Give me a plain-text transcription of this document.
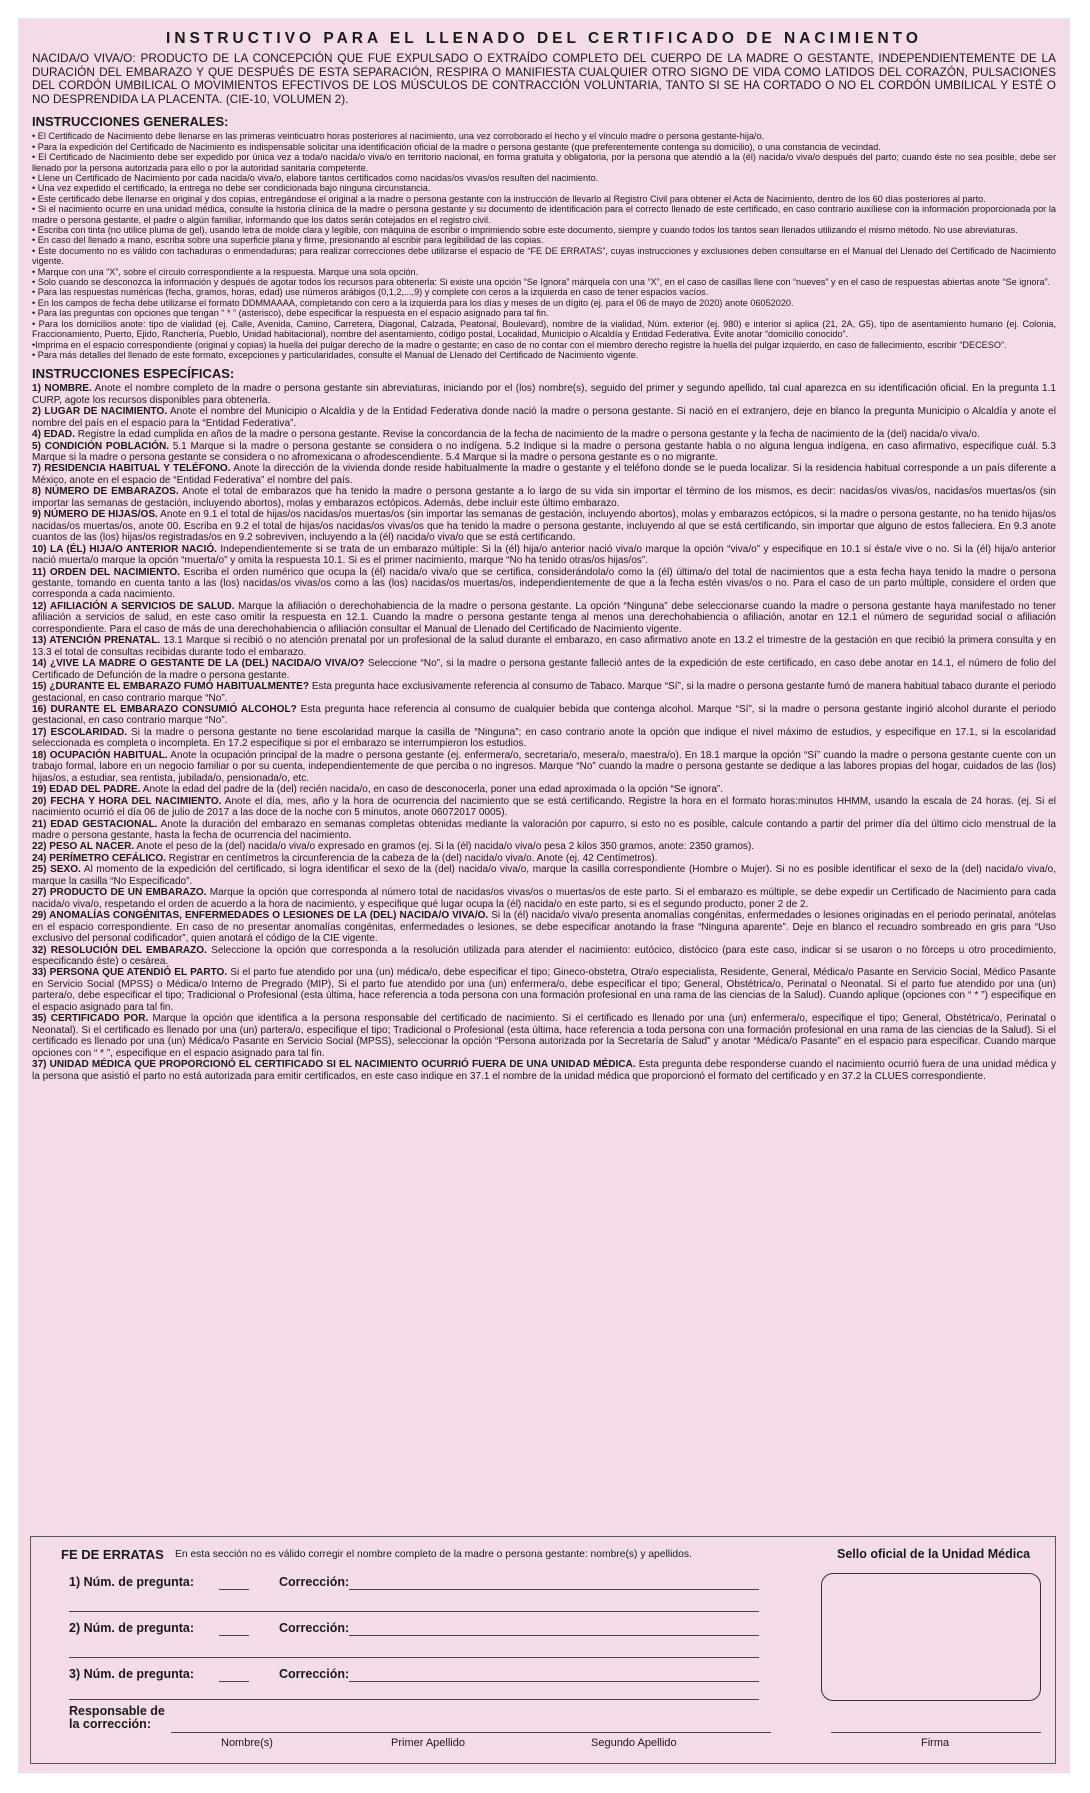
INSTRUCTIVO PARA EL LLENADO DEL CERTIFICADO DE NACIMIENTO

NACIDA/O VIVA/O: PRODUCTO DE LA CONCEPCIÓN QUE FUE EXPULSADO O EXTRAÍDO COMPLETO DEL CUERPO DE LA MADRE O GESTANTE, INDEPENDIENTEMENTE DE LA DURACIÓN DEL EMBARAZO Y QUE DESPUÉS DE ESTA SEPARACIÓN, RESPIRA O MANIFIESTA CUALQUIER OTRO SIGNO DE VIDA COMO LATIDOS DEL CORAZÓN, PULSACIONES DEL CORDÓN UMBILICAL O MOVIMIENTOS EFECTIVOS DE LOS MÚSCULOS DE CONTRACCIÓN VOLUNTARIA, TANTO SI SE HA CORTADO O NO EL CORDÓN UMBILICAL Y ESTÉ O NO DESPRENDIDA LA PLACENTA. (CIE-10, VOLUMEN 2).

INSTRUCCIONES GENERALES:

• El Certificado de Nacimiento debe llenarse en las primeras veinticuatro horas posteriores al nacimiento, una vez corroborado el hecho y el vínculo madre o persona gestante-hija/o.

• Para la expedición del Certificado de Nacimiento es indispensable solicitar una identificación oficial de la madre o persona gestante (que preferentemente contenga su domicilio), o una constancia de vecindad.

• El Certificado de Nacimiento debe ser expedido por única vez a toda/o nacida/o viva/o en territorio nacional, en forma gratuita y obligatoria, por la persona que atendió a la (él) nacida/o viva/o después del parto; cuando éste no sea posible, debe ser llenado por la persona autorizada para ello o por la autoridad sanitaria competente.

• Llene un Certificado de Nacimiento por cada nacida/o viva/o, elabore tantos certificados como nacidas/os vivas/os resulten del nacimiento.

• Una vez expedido el certificado, la entrega no debe ser condicionada bajo ninguna circunstancia.

• Este certificado debe llenarse en original y dos copias, entregándose el original a la madre o persona gestante con la instrucción de llevarlo al Registro Civil para obtener el Acta de Nacimiento, dentro de los 60 días posteriores al parto.

• Si el nacimiento ocurre en una unidad médica, consulte la historia clínica de la madre o persona gestante y su documento de identificación para el correcto llenado de este certificado, en caso contrario auxíliese con la información proporcionada por la madre o persona gestante, el padre o algún familiar, informando que los datos serán cotejados en el registro civil.

• Escriba con tinta (no utilice pluma de gel), usando letra de molde clara y legible, con máquina de escribir o imprimiendo sobre este documento, siempre y cuando todos los tantos sean llenados utilizando el mismo método. No use abreviaturas.

• En caso del llenado a mano, escriba sobre una superficie plana y firme, presionando al escribir para legibilidad de las copias.

• Este documento no es válido con tachaduras o enmendaduras; para realizar correcciones debe utilizarse el espacio de “FE DE ERRATAS”, cuyas instrucciones y exclusiones deben consultarse en el Manual del Llenado del Certificado de Nacimiento vigente.

• Marque con una “X”, sobre el círculo correspondiente a la respuesta. Marque una sola opción.

• Solo cuando se desconozca la información y después de agotar todos los recursos para obtenerla: Si existe una opción “Se Ignora” márquela con una “X”, en el caso de casillas llene con “nueves” y en el caso de respuestas abiertas anote “Se ignora”.

• Para las respuestas numéricas (fecha, gramos, horas, edad) use números arábigos (0,1,2,...,9) y complete con ceros a la izquierda en caso de tener espacios vacíos.

• En los campos de fecha debe utilizarse el formato DDMMAAAA, completando con cero a la izquierda para los días y meses de un dígito (ej. para el 06 de mayo de 2020) anote 06052020.

• Para las preguntas con opciones que tengan “ * ” (asterisco), debe especificar la respuesta en el espacio asignado para tal fin.

• Para los domicilios anote: tipo de vialidad (ej. Calle, Avenida, Camino, Carretera, Diagonal, Calzada, Peatonal, Boulevard), nombre de la vialidad, Núm. exterior (ej. 980) e interior si aplica (21, 2A, G5), tipo de asentamiento humano (ej. Colonia, Fraccionamiento, Puerto, Ejido, Ranchería, Pueblo, Unidad habitacional), nombre del asentamiento, código postal, Localidad, Municipio o Alcaldía y Entidad Federativa. Evite anotar “domicilio conocido”.

•Imprima en el espacio correspondiente (original y copias) la huella del pulgar derecho de la madre o gestante; en caso de no contar con el miembro derecho registre la huella del pulgar izquierdo, en caso de fallecimiento, escribir “DECESO”.

• Para más detalles del llenado de este formato, excepciones y particularidades, consulte el Manual de Llenado del Certificado de Nacimiento vigente.

INSTRUCCIONES ESPECÍFICAS:

1) NOMBRE. Anote el nombre completo de la madre o persona gestante sin abreviaturas, iniciando por el (los) nombre(s), seguido del primer y segundo apellido, tal cual aparezca en su identificación oficial. En la pregunta 1.1 CURP, agote los recursos disponibles para obtenerla.

2) LUGAR DE NACIMIENTO. Anote el nombre del Municipio o Alcaldía y de la Entidad Federativa donde nació la madre o persona gestante. Si nació en el extranjero, deje en blanco la pregunta Municipio o Alcaldía y anote el nombre del país en el espacio para la “Entidad Federativa”.

4) EDAD. Registre la edad cumplida en años de la madre o persona gestante. Revise la concordancia de la fecha de nacimiento de la madre o persona gestante y la fecha de nacimiento de la (del) nacida/o viva/o.

5) CONDICIÓN POBLACIÓN. 5.1 Marque si la madre o persona gestante se considera o no indígena. 5.2 Indique si la madre o persona gestante habla o no alguna lengua indígena, en caso afirmativo, especifique cuál. 5.3 Marque si la madre o persona gestante se considera o no afromexicana o afrodescendiente. 5.4 Marque si la madre o persona gestante es o no migrante.

7) RESIDENCIA HABITUAL Y TELÉFONO. Anote la dirección de la vivienda donde reside habitualmente la madre o gestante y el teléfono donde se le pueda localizar. Si la residencia habitual corresponde a un país diferente a México, anote en el espacio de “Entidad Federativa” el nombre del país.

8) NÚMERO DE EMBARAZOS. Anote el total de embarazos que ha tenido la madre o persona gestante a lo largo de su vida sin importar el término de los mismos, es decir: nacidas/os vivas/os, nacidas/os muertas/os (sin importar las semanas de gestación, incluyendo abortos), molas y embarazos ectópicos. Además, debe incluir este último embarazo.

9) NÚMERO DE HIJAS/OS. Anote en 9.1 el total de hijas/os nacidas/os muertas/os (sin importar las semanas de gestación, incluyendo abortos), molas y embarazos ectópicos, si la madre o persona gestante, no ha tenido hijas/os nacidas/os muertas/os, anote 00. Escriba en 9.2 el total de hijas/os nacidas/os vivas/os que ha tenido la madre o persona gestante, incluyendo al que se está certificando, sin importar que alguno de estos falleciera. En 9.3 anote cuantos de las (los) hijas/os registradas/os en 9.2 sobreviven, incluyendo a la (él) nacida/o viva/o que se está certificando.

10) LA (ÉL) HIJA/O ANTERIOR NACIÓ. Independientemente si se trata de un embarazo múltiple: Si la (él) hija/o anterior nació viva/o marque la opción “viva/o” y especifique en 10.1 si ésta/e vive o no. Si la (él) hija/o anterior nació muerta/o marque la opción “muerta/o” y omita la respuesta 10.1. Si es el primer nacimiento, marque “No ha tenido otras/os hijas/os”.

11) ORDEN DEL NACIMIENTO. Escriba el orden numérico que ocupa la (él) nacida/o viva/o que se certifica, considerándola/o como la (él) última/o del total de nacimientos que a esta fecha haya tenido la madre o persona gestante, tomando en cuenta tanto a las (los) nacidas/os vivas/os como a las (los) nacidas/os muertas/os, independientemente de que a la fecha estén vivas/os o no. Para el caso de un parto múltiple, considere el orden que corresponda a cada nacimiento.

12) AFILIACIÓN A SERVICIOS DE SALUD. Marque la afiliación o derechohabiencia de la madre o persona gestante. La opción “Ninguna” debe seleccionarse cuando la madre o persona gestante haya manifestado no tener afiliación a servicios de salud, en este caso omitir la respuesta en 12.1. Cuando la madre o persona gestante tenga al menos una derechohabiencia o afiliación, anotar en 12.1 el número de seguridad social o afiliación correspondiente. Para el caso de más de una derechohabiencia o afiliación consultar el Manual de Llenado del Certificado de Nacimiento vigente.

13) ATENCIÓN PRENATAL. 13.1 Marque si recibió o no atención prenatal por un profesional de la salud durante el embarazo, en caso afirmativo anote en 13.2 el trimestre de la gestación en que recibió la primera consulta y en 13.3 el total de consultas recibidas durante todo el embarazo.

14) ¿VIVE LA MADRE O GESTANTE DE LA (DEL) NACIDA/O VIVA/O? Seleccione “No”, si la madre o persona gestante falleció antes de la expedición de este certificado, en caso debe anotar en 14.1, el número de folio del Certificado de Defunción de la madre o persona gestante.

15) ¿DURANTE EL EMBARAZO FUMÓ HABITUALMENTE? Esta pregunta hace exclusivamente referencia al consumo de Tabaco. Marque “Sí”, si la madre o persona gestante fumó de manera habitual tabaco durante el periodo gestacional, en caso contrario marque “No”.

16) DURANTE EL EMBARAZO CONSUMIÓ ALCOHOL? Esta pregunta hace referencia al consumo de cualquier bebida que contenga alcohol. Marque “Sí”, si la madre o persona gestante ingirió alcohol durante el periodo gestacional, en caso contrario marque “No”.

17) ESCOLARIDAD. Si la madre o persona gestante no tiene escolaridad marque la casilla de “Ninguna”; en caso contrario anote la opción que indique el nivel máximo de estudios, y especifique en 17.1, si la escolaridad seleccionada es completa o incompleta. En 17.2 especifique si por el embarazo se interrumpieron los estudios.

18) OCUPACIÓN HABITUAL. Anote la ocupación principal de la madre o persona gestante (ej. enfermera/o, secretaria/o, mesera/o, maestra/o). En 18.1 marque la opción “Sí” cuando la madre o persona gestante cuente con un trabajo formal, labore en un negocio familiar o por su cuenta, independientemente de que perciba o no ingresos. Marque “No” cuando la madre o persona gestante se dedique a las labores propias del hogar, cuidados de las (los) hijas/os, a estudiar, sea rentista, jubilada/o, pensionada/o, etc.

19) EDAD DEL PADRE. Anote la edad del padre de la (del) recién nacida/o, en caso de desconocerla, poner una edad aproximada o la opción “Se ignora”.

20) FECHA Y HORA DEL NACIMIENTO. Anote el día, mes, año y la hora de ocurrencia del nacimiento que se está certificando. Registre la hora en el formato horas:minutos HHMM, usando la escala de 24 horas. (ej. Si el nacimiento ocurrió el día 06 de julio de 2017 a las doce de la noche con 5 minutos, anote 06072017 0005).

21) EDAD GESTACIONAL. Anote la duración del embarazo en semanas completas obtenidas mediante la valoración por capurro, si esto no es posible, calcule contando a partir del primer día del último ciclo menstrual de la madre o persona gestante, hasta la fecha de ocurrencia del nacimiento.

22) PESO AL NACER. Anote el peso de la (del) nacida/o viva/o expresado en gramos (ej. Si la (él) nacida/o viva/o pesa 2 kilos 350 gramos, anote: 2350 gramos).

24) PERÍMETRO CEFÁLICO. Registrar en centímetros la circunferencia de la cabeza de la (del) nacida/o viva/o. Anote (ej. 42 Centímetros).

25) SEXO. Al momento de la expedición del certificado, si logra identificar el sexo de la (del) nacida/o viva/o, marque la casilla correspondiente (Hombre o Mujer). Si no es posible identificar el sexo de la (del) nacida/o viva/o, marque la casilla “No Especificado”.

27) PRODUCTO DE UN EMBARAZO. Marque la opción que corresponda al número total de nacidas/os vivas/os o muertas/os de este parto. Si el embarazo es múltiple, se debe expedir un Certificado de Nacimiento para cada nacida/o viva/o, respetando el orden de acuerdo a la hora de nacimiento, y especifique qué lugar ocupa la (él) nacida/o en este parto, si es el segundo producto, poner 2 de 2.

29) ANOMALÍAS CONGÉNITAS, ENFERMEDADES O LESIONES DE LA (DEL) NACIDA/O VIVA/O. Si la (él) nacida/o viva/o presenta anomalías congénitas, enfermedades o lesiones originadas en el periodo perinatal, anótelas en el espacio correspondiente. En caso de no presentar anomalías congénitas, enfermedades o lesiones, se debe especificar anotando la frase “Ninguna aparente”. Deje en blanco el recuadro sombreado en gris para “Uso exclusivo del personal codificador”, quien anotará el código de la CIE vigente.

32) RESOLUCIÓN DEL EMBARAZO. Seleccione la opción que corresponda a la resolución utilizada para atender el nacimiento: eutócico, distócico (para este caso, indicar si se usaron o no fórceps u otro procedimiento, especificando éste) o cesárea.

33) PERSONA QUE ATENDIÓ EL PARTO. Si el parto fue atendido por una (un) médica/o, debe especificar el tipo; Gineco-obstetra, Otra/o especialista, Residente, General, Médica/o Pasante en Servicio Social, Médico Pasante en Servicio Social (MPSS) o Médica/o Interno de Pregrado (MIP), Si el parto fue atendido por una (un) enfermera/o, debe especificar el tipo; General, Obstétrica/o, Perinatal o Neonatal. Si el parto fue atendido por una (un) partera/o, debe especificar el tipo; Tradicional o Profesional (esta última, hace referencia a toda persona con una formación profesional en una rama de las ciencias de la Salud). Cuando aplique (opciones con “ * ”) especifique en el espacio asignado para tal fin.

35) CERTIFICADO POR. Marque la opción que identifica a la persona responsable del certificado de nacimiento. Si el certificado es llenado por una (un) enfermera/o, especifique el tipo; General, Obstétrica/o, Perinatal o Neonatal). Si el certificado es llenado por una (un) partera/o, especifique el tipo; Tradicional o Profesional (esta última, hace referencia a toda persona con una formación profesional en una rama de las ciencias de la Salud). Si el certificado es llenado por una (un) Médica/o Pasante en Servicio Social (MPSS), seleccionar la opción “Persona autorizada por la Secretaría de Salud” y anotar “Médica/o Pasante” en el espacio para especificar. Cuando marque opciones con “ * ”, especifique en el espacio asignado para tal fin.

37) UNIDAD MÉDICA QUE PROPORCIONÓ EL CERTIFICADO SI EL NACIMIENTO OCURRIÓ FUERA DE UNA UNIDAD MÉDICA. Esta pregunta debe responderse cuando el nacimiento ocurrió fuera de una unidad médica y la persona que asistió el parto no está autorizada para emitir certificados, en este caso indique en 37.1 el nombre de la unidad médica que proporcionó el formato del certificado y en 37.2 la CLUES correspondiente.

FE DE ERRATAS En esta sección no es válido corregir el nombre completo de la madre o persona gestante: nombre(s) y apellidos.
1) Núm. de pregunta:	Corrección:
2) Núm. de pregunta:	Corrección:
3) Núm. de pregunta:	Corrección:
Sello oficial de la Unidad Médica
Responsable de
la corrección:
Nombre(s)	Primer Apellido	Segundo Apellido	Firma
